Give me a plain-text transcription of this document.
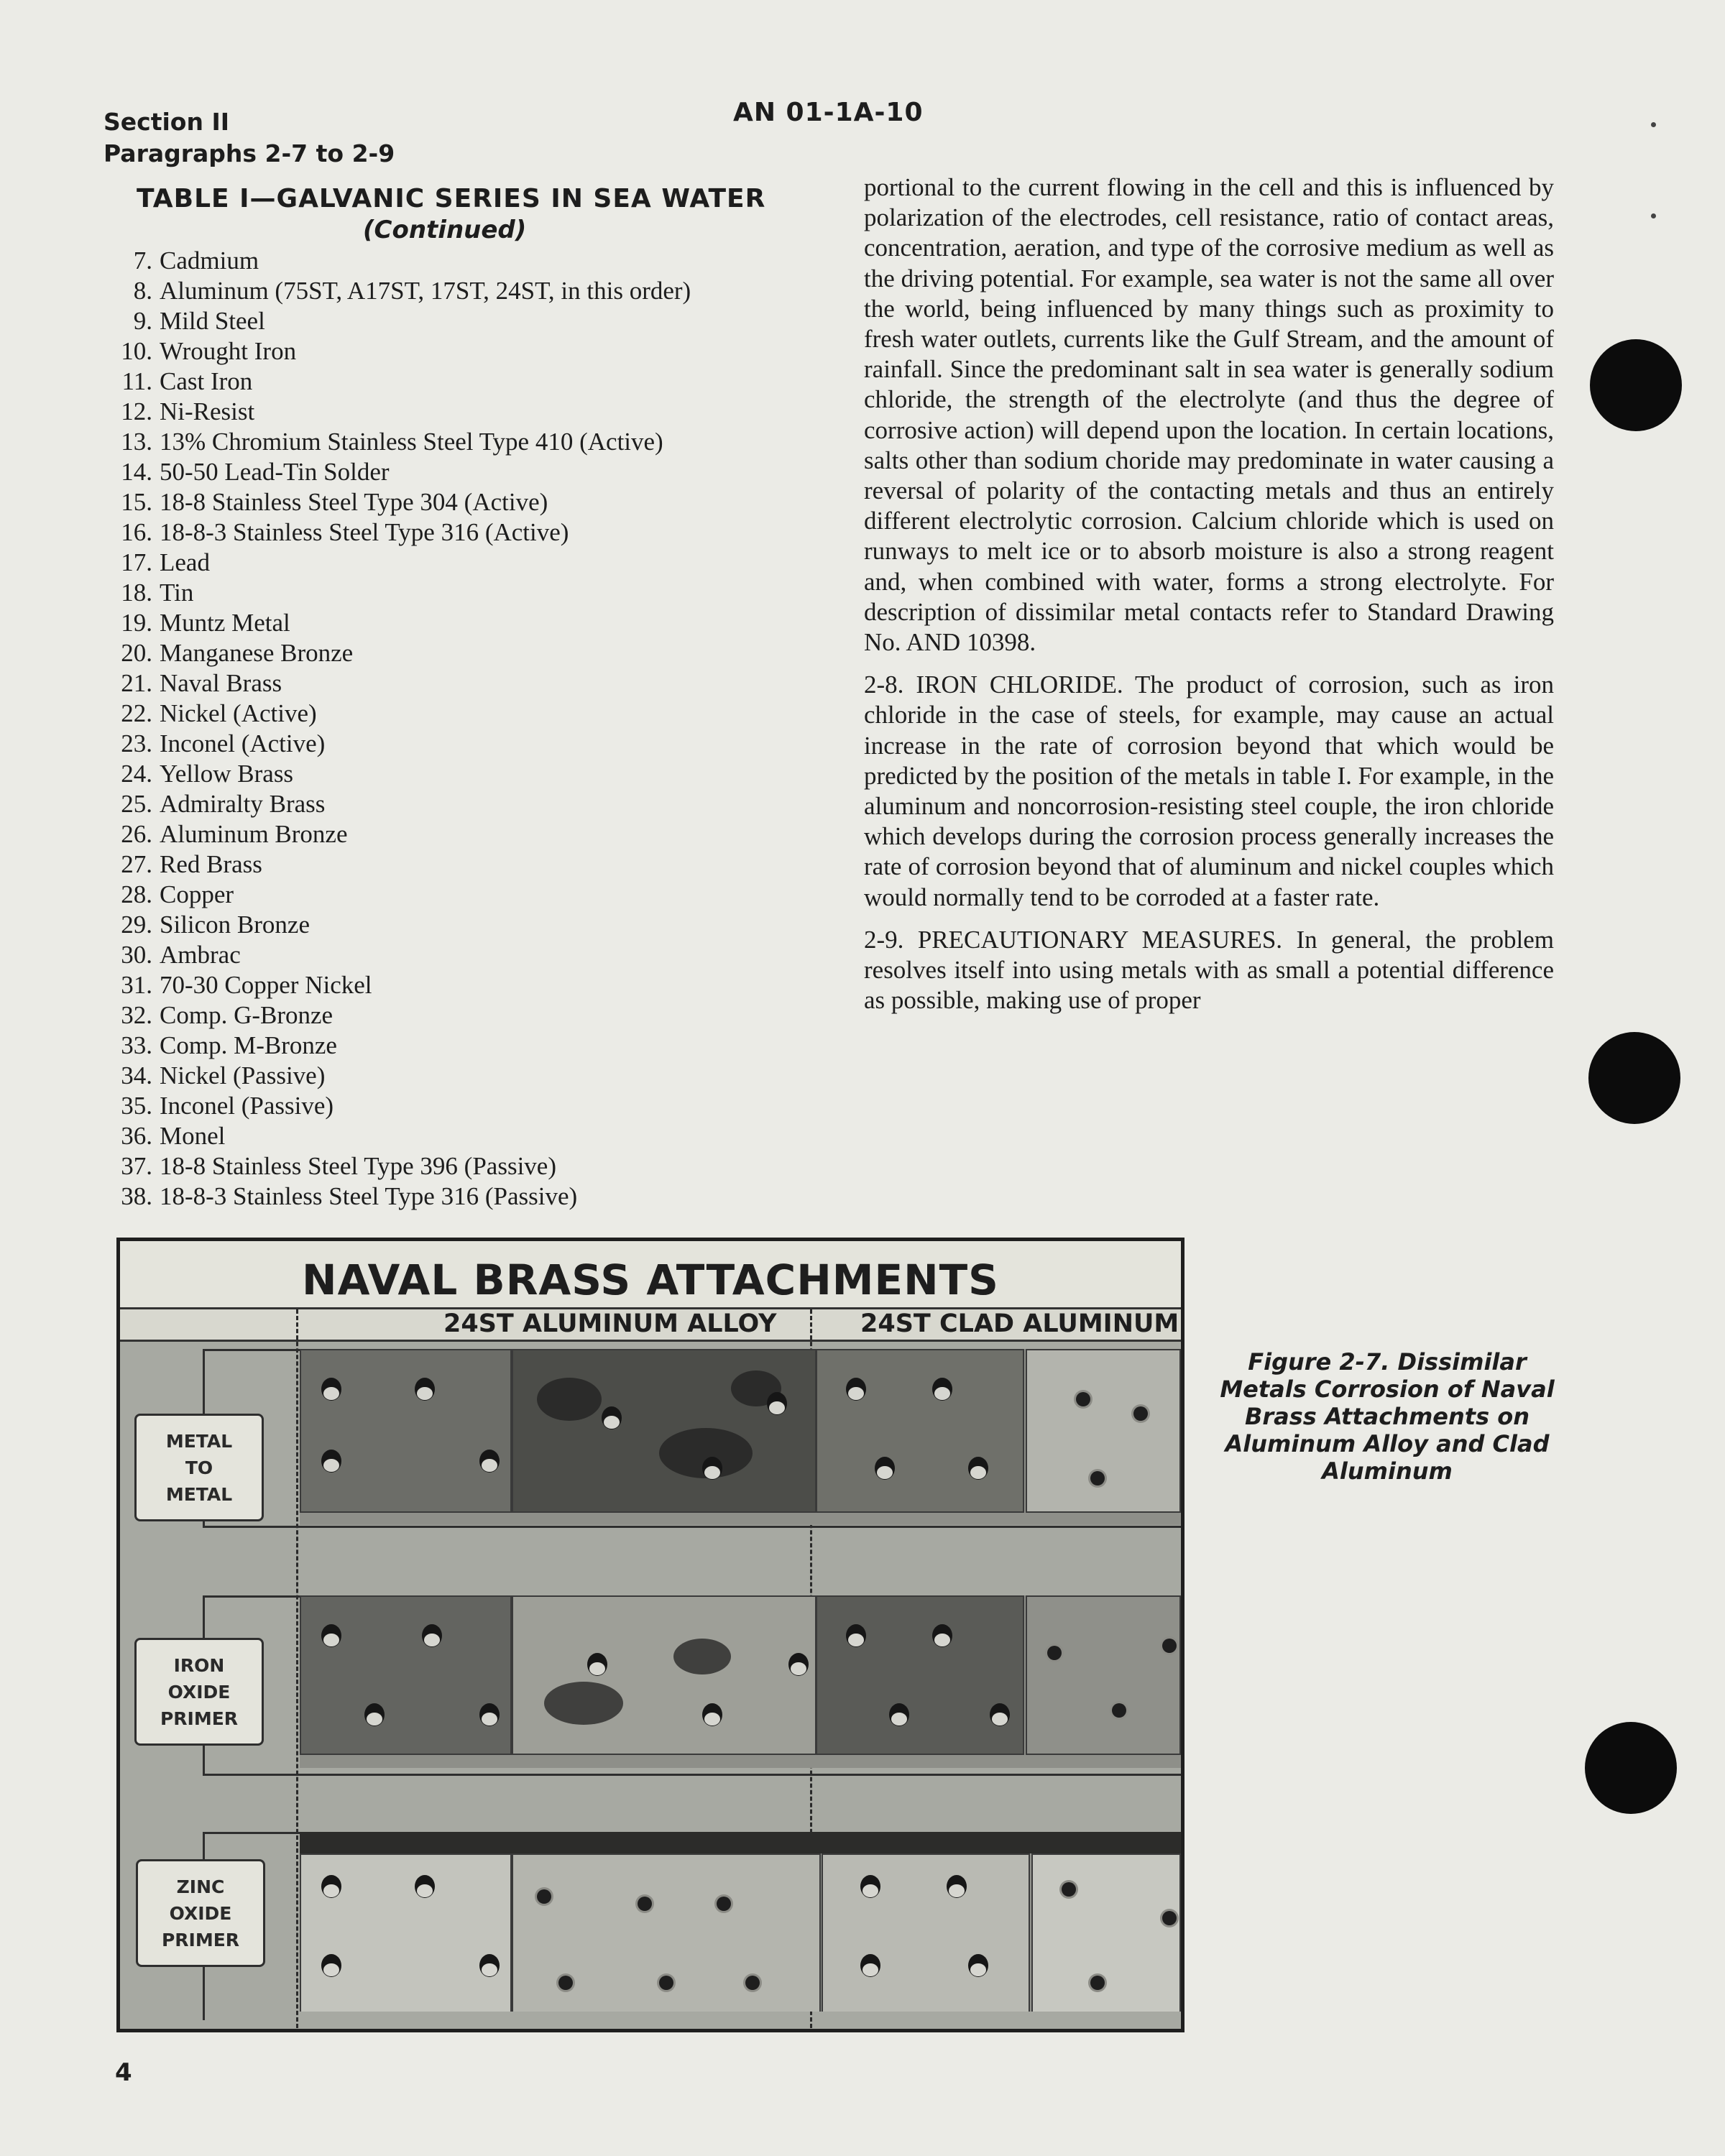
Section II
Paragraphs 2-7 to 2-9
AN 01-1A-10
TABLE I—GALVANIC SERIES IN SEA WATER
(Continued)
7. Cadmium
8. Aluminum (75ST, A17ST, 17ST, 24ST, in this order)
9. Mild Steel
10. Wrought Iron
11. Cast Iron
12. Ni-Resist
13. 13% Chromium Stainless Steel Type 410 (Active)
14. 50-50 Lead-Tin Solder
15. 18-8 Stainless Steel Type 304 (Active)
16. 18-8-3 Stainless Steel Type 316 (Active)
17. Lead
18. Tin
19. Muntz Metal
20. Manganese Bronze
21. Naval Brass
22. Nickel (Active)
23. Inconel (Active)
24. Yellow Brass
25. Admiralty Brass
26. Aluminum Bronze
27. Red Brass
28. Copper
29. Silicon Bronze
30. Ambrac
31. 70-30 Copper Nickel
32. Comp. G-Bronze
33. Comp. M-Bronze
34. Nickel (Passive)
35. Inconel (Passive)
36. Monel
37. 18-8 Stainless Steel Type 396 (Passive)
38. 18-8-3 Stainless Steel Type 316 (Passive)

portional to the current flowing in the cell and this is influenced by polarization of the electrodes, cell resistance, ratio of contact areas, concentration, aeration, and type of the corrosive medium as well as the driving potential. For example, sea water is not the same all over the world, being influenced by many things such as proximity to fresh water outlets, currents like the Gulf Stream, and the amount of rainfall. Since the predominant salt in sea water is generally sodium chloride, the strength of the electrolyte (and thus the degree of corrosive action) will depend upon the location. In certain locations, salts other than sodium choride may predominate in water causing a reversal of polarity of the contacting metals and thus an entirely different electrolytic corrosion. Calcium chloride which is used on runways to melt ice or to absorb moisture is also a strong reagent and, when combined with water, forms a strong electrolyte. For description of dissimilar metal contacts refer to Standard Drawing No. AND 10398.

2-8. IRON CHLORIDE. The product of corrosion, such as iron chloride in the case of steels, for example, may cause an actual increase in the rate of corrosion beyond that which would be predicted by the position of the metals in table I. For example, in the aluminum and noncorrosion-resisting steel couple, the iron chloride which develops during the corrosion process generally increases the rate of corrosion beyond that of aluminum and nickel couples which would normally tend to be corroded at a faster rate.

2-9. PRECAUTIONARY MEASURES. In general, the problem resolves itself into using metals with as small a potential difference as possible, making use of proper

NAVAL BRASS ATTACHMENTS
24ST ALUMINUM ALLOY	24ST CLAD ALUMINUM
METAL
TO
METAL
IRON
OXIDE
PRIMER
ZINC
OXIDE
PRIMER
Figure 2-7. Dissimilar Metals Corrosion of Naval Brass Attachments on Aluminum Alloy and Clad Aluminum
4
